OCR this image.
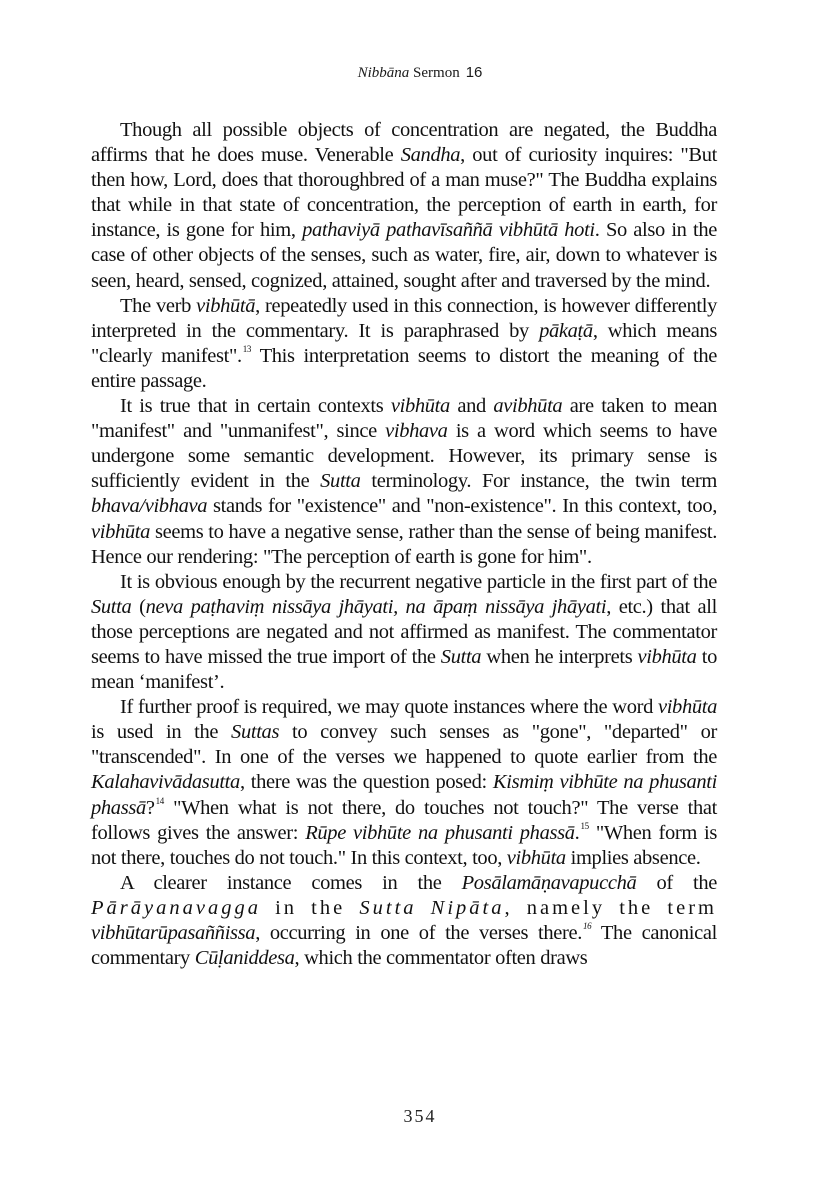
Nibbāna Sermon 16

Though all possible objects of concentration are negated, the Buddha affirms that he does muse. Venerable Sandha, out of curiosity inquires: "But then how, Lord, does that thoroughbred of a man muse?" The Buddha explains that while in that state of concentration, the perception of earth in earth, for instance, is gone for him, pathaviyā pathavīsaññā vibhūtā hoti. So also in the case of other objects of the senses, such as water, fire, air, down to whatever is seen, heard, sensed, cognized, attained, sought after and traversed by the mind.

The verb vibhūtā, repeatedly used in this connection, is however differently interpreted in the commentary. It is paraphrased by pākaṭā, which means "clearly manifest".$^{13}$ This interpretation seems to distort the meaning of the entire passage.

It is true that in certain contexts vibhūta and avibhūta are taken to mean "manifest" and "unmanifest", since vibhava is a word which seems to have undergone some semantic development. However, its primary sense is sufficiently evident in the Sutta terminology. For instance, the twin term bhava/vibhava stands for "existence" and "non-existence". In this context, too, vibhūta seems to have a negative sense, rather than the sense of being manifest. Hence our rendering: "The perception of earth is gone for him".

It is obvious enough by the recurrent negative particle in the first part of the Sutta (neva paṭhaviṃ nissāya jhāyati, na āpaṃ nissāya jhāyati, etc.) that all those perceptions are negated and not affirmed as manifest. The commentator seems to have missed the true import of the Sutta when he interprets vibhūta to mean ‘manifest’.

If further proof is required, we may quote instances where the word vibhūta is used in the Suttas to convey such senses as "gone", "departed" or "transcended". In one of the verses we happened to quote earlier from the Kalahavivādasutta, there was the question posed: Kismiṃ vibhūte na phusanti phassā?$^{14}$ "When what is not there, do touches not touch?" The verse that follows gives the answer: Rūpe vibhūte na phusanti phassā.$^{15}$ "When form is not there, touches do not touch." In this context, too, vibhūta implies absence.

A clearer instance comes in the Posālamāṇavapucchā of the Pārāyanavagga in the Sutta Nipāta, namely the term vibhūtarūpasaññissa, occurring in one of the verses there.$^{16}$ The canonical commentary Cūḷaniddesa, which the commentator often draws

354
